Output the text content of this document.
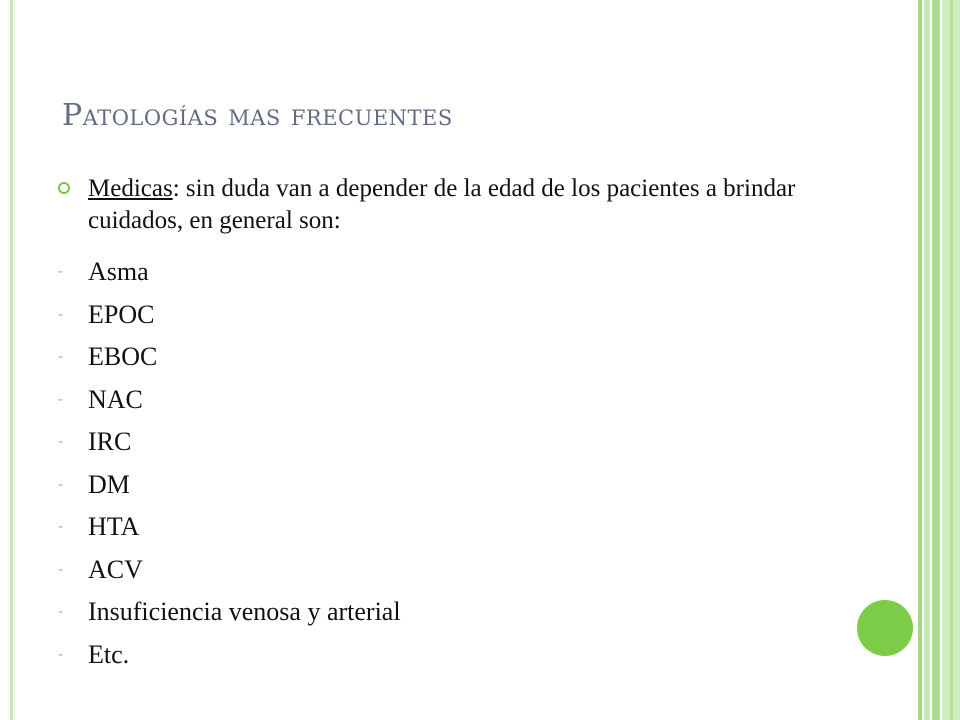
Patologías mas frecuentes

Medicas: sin duda van a depender de la edad de los pacientes a brindar cuidados, en general son:

- Asma
- EPOC
- EBOC
- NAC
- IRC
- DM
- HTA
- ACV
- Insuficiencia venosa y arterial
- Etc.
